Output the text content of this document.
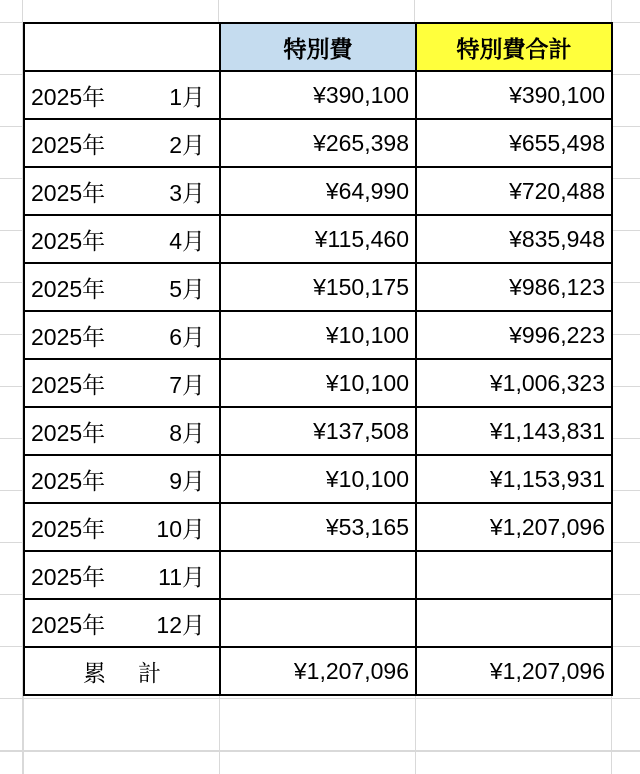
	特別費	特別費合計
2025年 1月	¥390,100	¥390,100
2025年 2月	¥265,398	¥655,498
2025年 3月	¥64,990	¥720,488
2025年 4月	¥115,460	¥835,948
2025年 5月	¥150,175	¥986,123
2025年 6月	¥10,100	¥996,223
2025年 7月	¥10,100	¥1,006,323
2025年 8月	¥137,508	¥1,143,831
2025年 9月	¥10,100	¥1,153,931
2025年 10月	¥53,165	¥1,207,096
2025年 11月		
2025年 12月		
累 計	¥1,207,096	¥1,207,096
